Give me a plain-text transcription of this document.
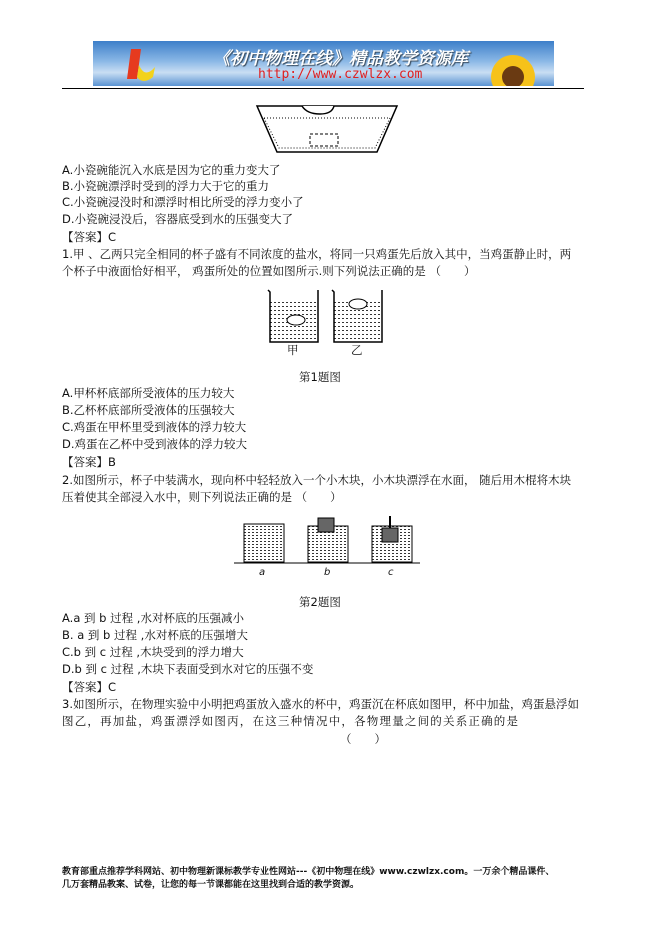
《初中物理在线》精品教学资源库
http://www.czwlzx.com
A.小瓷碗能沉入水底是因为它的重力变大了
B.小瓷碗漂浮时受到的浮力大于它的重力
C.小瓷碗浸没时和漂浮时相比所受的浮力变小了
D.小瓷碗浸没后，容器底受到水的压强变大了
【答案】C
1.甲 、乙两只完全相同的杯子盛有不同浓度的盐水，将同一只鸡蛋先后放入其中，当鸡蛋静止时，两
个杯子中液面恰好相平， 鸡蛋所处的位置如图所示.则下列说法正确的是 （　　）
甲	乙
第1题图
A.甲杯杯底部所受液体的压力较大
B.乙杯杯底部所受液体的压强较大
C.鸡蛋在甲杯里受到液体的浮力较大
D.鸡蛋在乙杯中受到液体的浮力较大
【答案】B
2.如图所示，杯子中装满水，现向杯中轻轻放入一个小木块，小木块漂浮在水面， 随后用木棍将木块
压着使其全部浸入水中，则下列说法正确的是 （　　）
a	b	c
第2题图
A.a 到 b 过程 ,水对杯底的压强减小
B. a 到 b 过程 ,水对杯底的压强增大
C.b 到 c 过程 ,木块受到的浮力增大
D.b 到 c 过程 ,木块下表面受到水对它的压强不变
【答案】C
3.如图所示，在物理实验中小明把鸡蛋放入盛水的杯中，鸡蛋沉在杯底如图甲，杯中加盐，鸡蛋悬浮如
图乙，再加盐，鸡蛋漂浮如图丙，在这三种情况中，各物理量之间的关系正确的是
（　　）
教育部重点推荐学科网站、初中物理新课标教学专业性网站---《初中物理在线》www.czwlzx.com。一万余个精品课件、
几万套精品教案、试卷，让您的每一节课都能在这里找到合适的教学资源。
